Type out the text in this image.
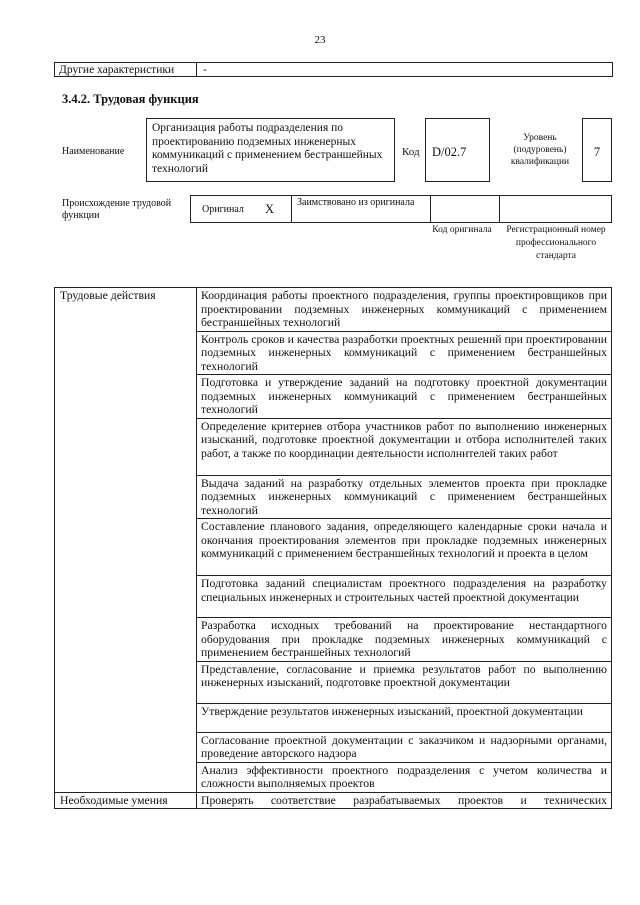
23
Другие характеристики	-
3.4.2. Трудовая функция
Наименование
Организация работы подразделения по проектированию подземных инженерных коммуникаций с применением бестраншейных технологий
Код D/02.7
Уровень (подуровень) квалификации
7
Происхождение трудовой функции
Оригинал X Заимствовано из оригинала
Код оригинала	Регистрационный номер профессионального стандарта
Трудовые действия	Координация работы проектного подразделения, группы проектировщиков при проектировании подземных инженерных коммуникаций с применением бестраншейных технологий
	Контроль сроков и качества разработки проектных решений при проектировании подземных инженерных коммуникаций с применением бестраншейных технологий
	Подготовка и утверждение заданий на подготовку проектной документации подземных инженерных коммуникаций с применением бестраншейных технологий
	Определение критериев отбора участников работ по выполнению инженерных изысканий, подготовке проектной документации и отбора исполнителей таких работ, а также по координации деятельности исполнителей таких работ
	Выдача заданий на разработку отдельных элементов проекта при прокладке подземных инженерных коммуникаций с применением бестраншейных технологий
	Составление планового задания, определяющего календарные сроки начала и окончания проектирования элементов при прокладке подземных инженерных коммуникаций с применением бестраншейных технологий и проекта в целом
	Подготовка заданий специалистам проектного подразделения на разработку специальных инженерных и строительных частей проектной документации
	Разработка исходных требований на проектирование нестандартного оборудования при прокладке подземных инженерных коммуникаций с применением бестраншейных технологий
	Представление, согласование и приемка результатов работ по выполнению инженерных изысканий, подготовке проектной документации
	Утверждение результатов инженерных изысканий, проектной документации
	Согласование проектной документации с заказчиком и надзорными органами, проведение авторского надзора
	Анализ эффективности проектного подразделения с учетом количества и сложности выполняемых проектов
Необходимые умения	Проверять соответствие разрабатываемых проектов и технических
